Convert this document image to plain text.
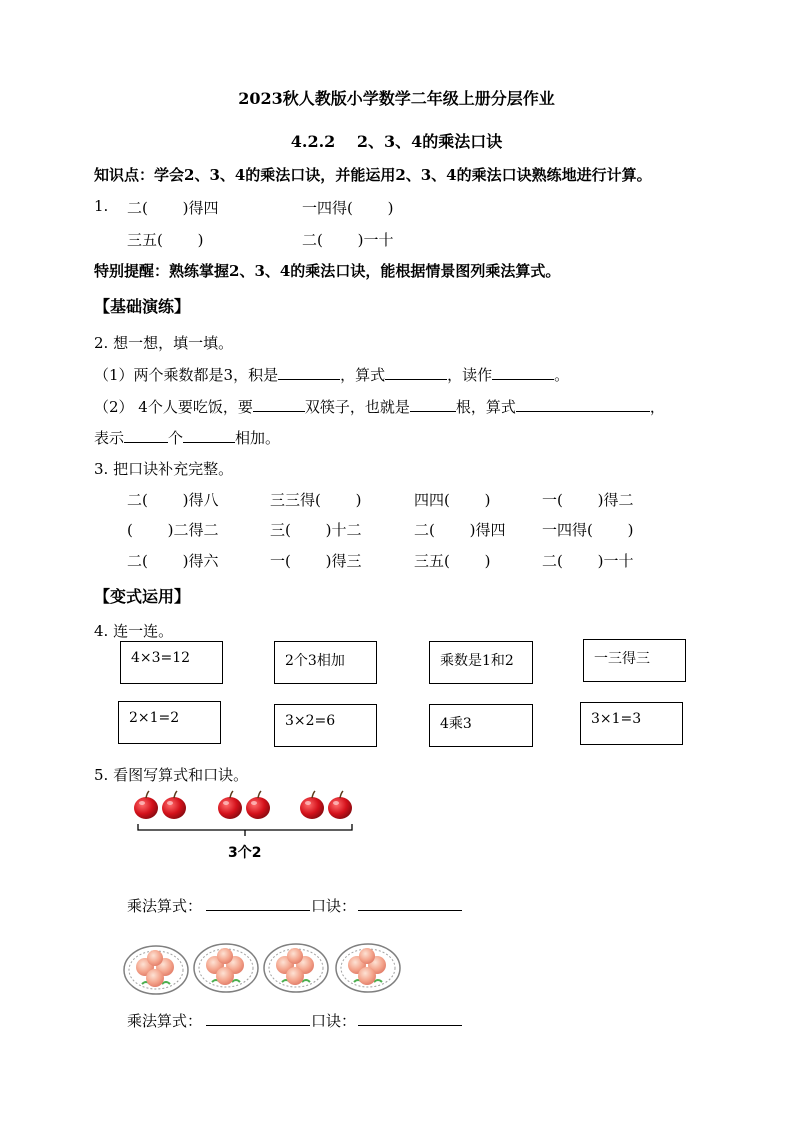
2023秋人教版小学数学二年级上册分层作业
4.2.2　 2、3、4的乘法口诀
知识点：学会2、3、4的乘法口诀，并能运用2、3、4的乘法口诀熟练地进行计算。
1. 二(　　 )得四	一四得(　　 )
三五(　　 )	二(　　 )一十
特别提醒：熟练掌握2、3、4的乘法口诀，能根据情景图列乘法算式。
【基础演练】
2. 想一想，填一填。
（1）两个乘数都是3，积是	，算式	，读作	。
（2） 4个人要吃饭，要	双筷子，也就是	根，算式	，
表示	个	相加。
3. 把口诀补充完整。
二(　　 )得八	三三得(　　 )	四四(　　 )	一(　　 )得二
(　　 )二得二	三(　　 )十二	二(　　 )得四 一四得(　　 )
二(　　 )得六	一(　　 )得三	三五(　　 )	二(　　 )一十
【变式运用】
4. 连一连。
4×3=12	2个3相加	乘数是1和2	一三得三
2×1=2	3×2=6	4乘3	3×1=3
5. 看图写算式和口诀。
3个2
乘法算式：	口诀：
乘法算式：	口诀：
